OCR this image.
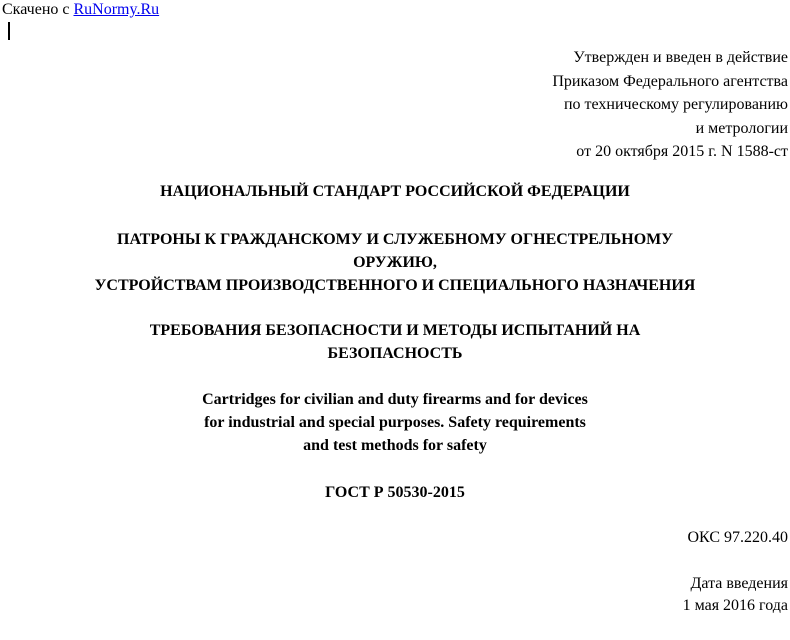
Скачено с RuNormy.Ru
Утвержден и введен в действие
Приказом Федерального агентства
по техническому регулированию
и метрологии
от 20 октября 2015 г. N 1588-ст
НАЦИОНАЛЬНЫЙ СТАНДАРТ РОССИЙСКОЙ ФЕДЕРАЦИИ
ПАТРОНЫ К ГРАЖДАНСКОМУ И СЛУЖЕБНОМУ ОГНЕСТРЕЛЬНОМУ
ОРУЖИЮ,
УСТРОЙСТВАМ ПРОИЗВОДСТВЕННОГО И СПЕЦИАЛЬНОГО НАЗНАЧЕНИЯ
ТРЕБОВАНИЯ БЕЗОПАСНОСТИ И МЕТОДЫ ИСПЫТАНИЙ НА
БЕЗОПАСНОСТЬ
Cartridges for civilian and duty firearms and for devices
for industrial and special purposes. Safety requirements
and test methods for safety
ГОСТ Р 50530-2015
ОКС 97.220.40
Дата введения
1 мая 2016 года
